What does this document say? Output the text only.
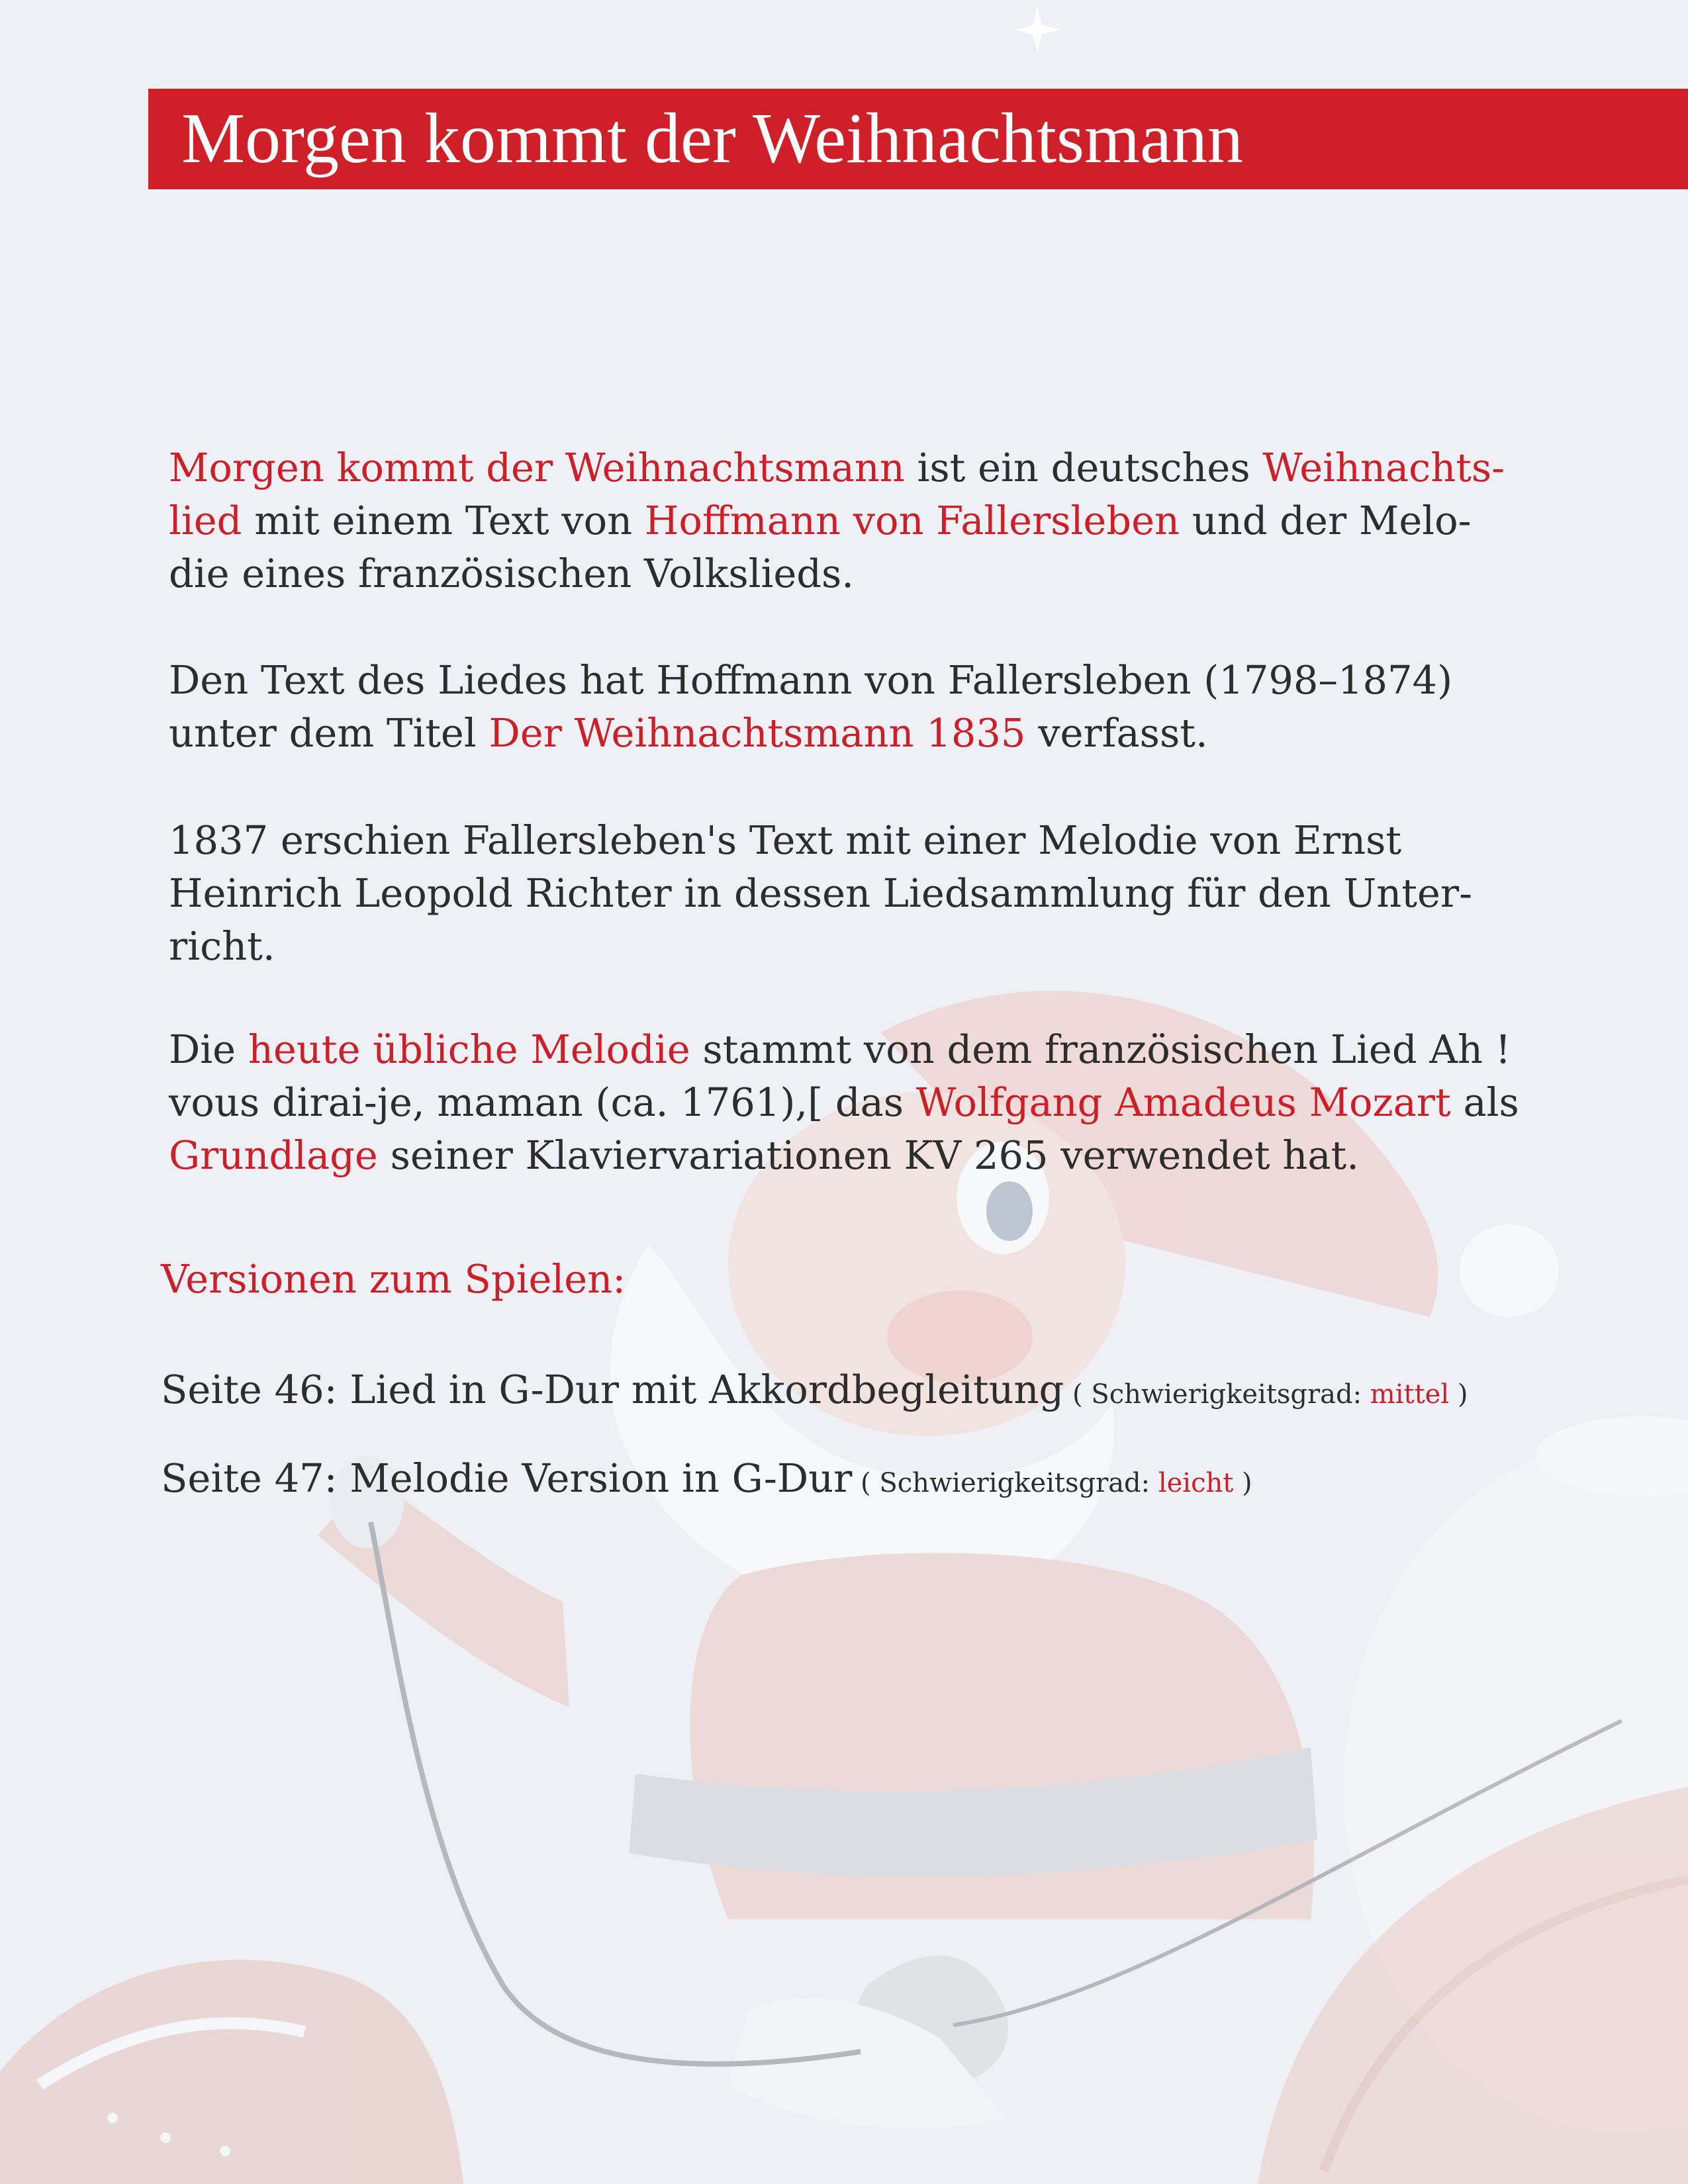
Morgen kommt der Weihnachtsmann

Morgen kommt der Weihnachtsmann ist ein deutsches Weihnachts-

lied mit einem Text von Hoffmann von Fallersleben und der Melo-

die eines französischen Volkslieds.

Den Text des Liedes hat Hoffmann von Fallersleben (1798–1874)

unter dem Titel Der Weihnachtsmann 1835 verfasst.

1837 erschien Fallersleben's Text mit einer Melodie von Ernst

Heinrich Leopold Richter in dessen Liedsammlung für den Unter-

richt.

Die heute übliche Melodie stammt von dem französischen Lied Ah !

vous dirai-je, maman (ca. 1761),[ das Wolfgang Amadeus Mozart als

Grundlage seiner Klaviervariationen KV 265 verwendet hat.

Versionen zum Spielen:

Seite 46: Lied in G-Dur mit Akkordbegleitung ( Schwierigkeitsgrad: mittel )

Seite 47: Melodie Version in G-Dur ( Schwierigkeitsgrad: leicht )
